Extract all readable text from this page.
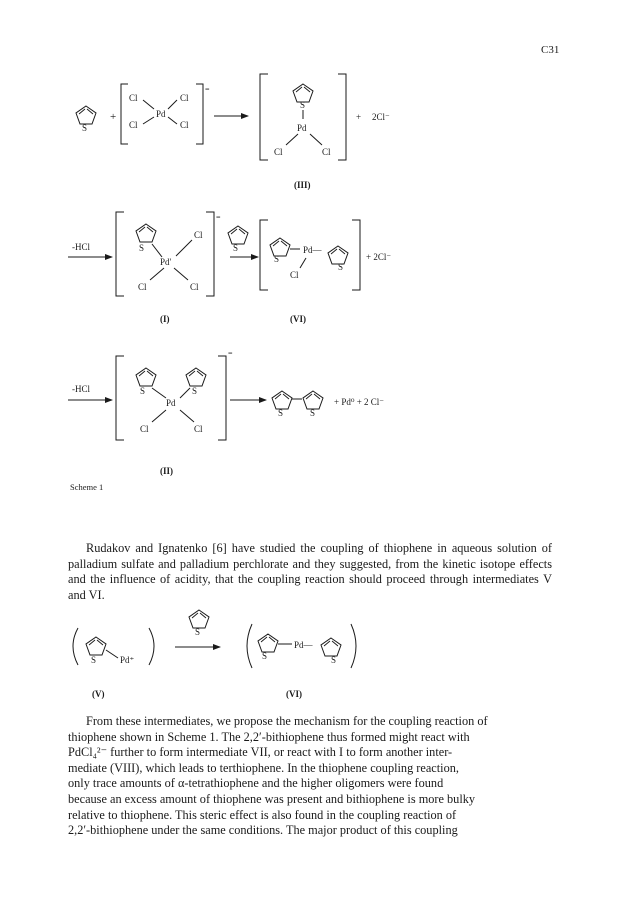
C31
S
+
=
Cl	Cl
Cl	Cl
Pd
S
Pd
Cl	Cl
+ 2Cl⁻
(III)
-HCl
=
S
Pd'
Cl
Cl	Cl
(I)
S
S
Pd—
S
Cl
+ 2Cl⁻
(VI)
-HCl
=
S	S
Pd
Cl	Cl
(II)
S	S
+ Pd⁰ + 2 Cl⁻
S	Pd⁺
(V)
S
S
Pd—
S
(VI)
Scheme 1
Rudakov and Ignatenko [6] have studied the coupling of thiophene in aqueous solution of palladium sulfate and palladium perchlorate and they suggested, from the kinetic isotope effects and the influence of acidity, that the coupling reaction should proceed through intermediates V and VI.
From these intermediates, we propose the mechanism for the coupling reaction of
thiophene shown in Scheme 1. The 2,2′-bithiophene thus formed might react with
PdCl₄²⁻ further to form intermediate VII, or react with I to form another inter-
mediate (VIII), which leads to terthiophene. In the thiophene coupling reaction,
only trace amounts of α-tetrathiophene and the higher oligomers were found
because an excess amount of thiophene was present and bithiophene is more bulky
relative to thiophene. This steric effect is also found in the coupling reaction of
2,2′-bithiophene under the same conditions. The major product of this coupling
